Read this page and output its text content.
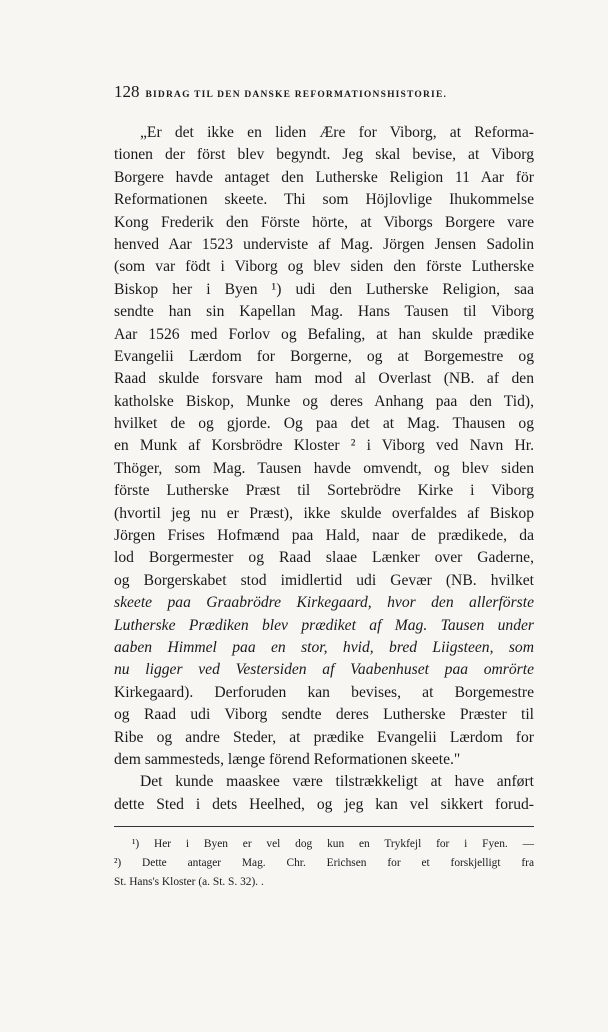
128 BIDRAG TIL DEN DANSKE REFORMATIONSHISTORIE.
„Er det ikke en liden Ære for Viborg, at Reforma-
tionen der först blev begyndt. Jeg skal bevise, at Viborg
Borgere havde antaget den Lutherske Religion 11 Aar för
Reformationen skeete. Thi som Höjlovlige Ihukommelse
Kong Frederik den Förste hörte, at Viborgs Borgere vare
henved Aar 1523 underviste af Mag. Jörgen Jensen Sadolin
(som var födt i Viborg og blev siden den förste Lutherske
Biskop her i Byen ¹) udi den Lutherske Religion, saa
sendte han sin Kapellan Mag. Hans Tausen til Viborg
Aar 1526 med Forlov og Befaling, at han skulde prædike
Evangelii Lærdom for Borgerne, og at Borgemestre og
Raad skulde forsvare ham mod al Overlast (NB. af den
katholske Biskop, Munke og deres Anhang paa den Tid),
hvilket de og gjorde. Og paa det at Mag. Thausen og
en Munk af Korsbrödre Kloster ² i Viborg ved Navn Hr.
Thöger, som Mag. Tausen havde omvendt, og blev siden
förste Lutherske Præst til Sortebrödre Kirke i Viborg
(hvortil jeg nu er Præst), ikke skulde overfaldes af Biskop
Jörgen Frises Hofmænd paa Hald, naar de prædikede, da
lod Borgermester og Raad slaae Lænker over Gaderne,
og Borgerskabet stod imidlertid udi Gevær (NB. hvilket
skeete paa Graabrödre Kirkegaard, hvor den allerförste
Lutherske Prædiken blev prædiket af Mag. Tausen under
aaben Himmel paa en stor, hvid, bred Liigsteen, som
nu ligger ved Vestersiden af Vaabenhuset paa omrörte
Kirkegaard). Derforuden kan bevises, at Borgemestre
og Raad udi Viborg sendte deres Lutherske Præster til
Ribe og andre Steder, at prædike Evangelii Lærdom for
dem sammesteds, længe förend Reformationen skeete."
Det kunde maaskee være tilstrækkeligt at have anført
dette Sted i dets Heelhed, og jeg kan vel sikkert forud-
¹) Her i Byen er vel dog kun en Trykfejl for i Fyen. —
²) Dette antager Mag. Chr. Erichsen for et forskjelligt fra
St. Hans's Kloster (a. St. S. 32). .
